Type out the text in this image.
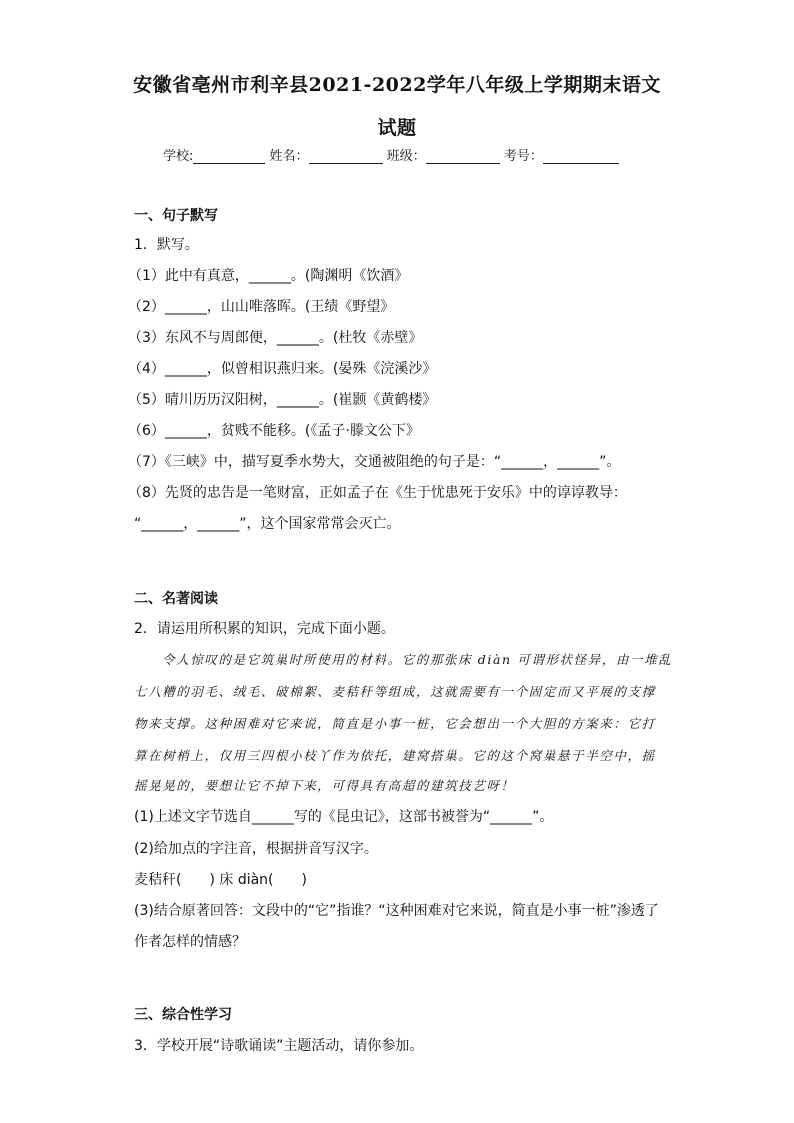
安徽省亳州市利辛县2021-2022学年八年级上学期期末语文
试题
学校:	姓名：	班级：	考号：
一、句子默写
1．默写。
（1）此中有真意，______。(陶渊明《饮酒》
（2）______，山山唯落晖。(王绩《野望》
（3）东风不与周郎便，______。(杜牧《赤壁》
（4）______，似曾相识燕归来。(晏殊《浣溪沙》
（5）晴川历历汉阳树，______。(崔颢《黄鹤楼》
（6）______，贫贱不能移。(《孟子·滕文公下》
（7）《三峡》中，描写夏季水势大，交通被阻绝的句子是：“______，______”。
（8）先贤的忠告是一笔财富，正如孟子在《生于忧患死于安乐》中的谆谆教导：
“______，______”，这个国家常常会灭亡。
二、名著阅读
2．请运用所积累的知识，完成下面小题。
令人惊叹的是它筑巢时所使用的材料。它的那张床 diàn 可谓形状怪异，由一堆乱
七八糟的羽毛、绒毛、破棉絮、麦秸秆等组成，这就需要有一个固定而又平展的支撑
物来支撑。这种困难对它来说，简直是小事一桩，它会想出一个大胆的方案来：它打
算在树梢上，仅用三四根小枝丫作为依托，建窝搭巢。它的这个窝巢悬于半空中，摇
摇晃晃的，要想让它不掉下来，可得具有高超的建筑技艺呀！
(1)上述文字节选自______写的《昆虫记》，这部书被誉为“______”。
(2)给加点的字注音，根据拼音写汉字。
麦秸秆(　　) 床 diàn(　　)
(3)结合原著回答：文段中的“它”指谁？“这种困难对它来说，简直是小事一桩”渗透了
作者怎样的情感？
三、综合性学习
3．学校开展“诗歌诵读”主题活动，请你参加。
